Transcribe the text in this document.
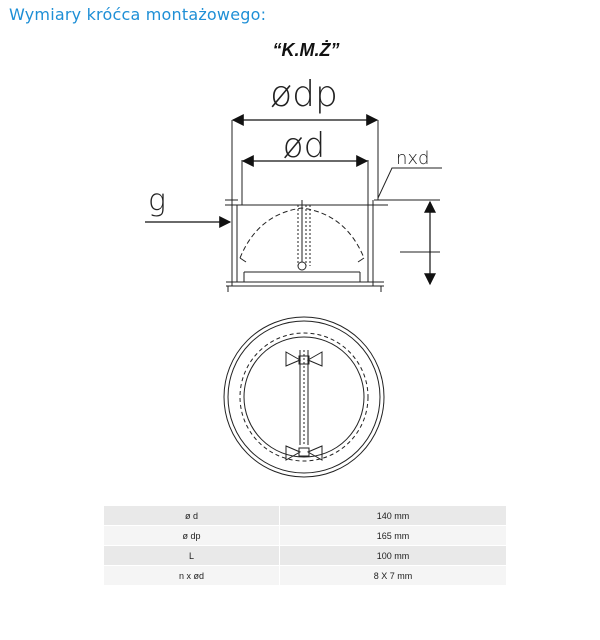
Wymiary króćca montażowego:
“K.M.Ż”
ødp
ød	nxd
g
ø d	140 mm
ø dp	165 mm
L	100 mm
n x ød	8 X 7 mm
